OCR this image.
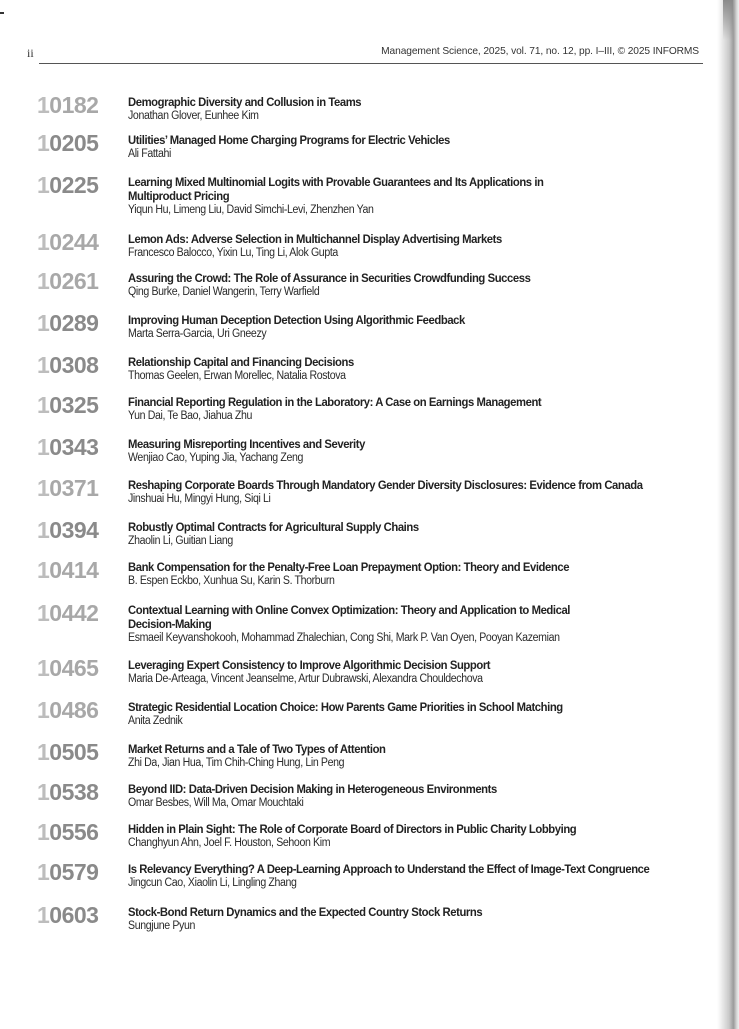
ii	Management Science, 2025, vol. 71, no. 12, pp. I–III, © 2025 INFORMS
10182	Demographic Diversity and Collusion in Teams
Jonathan Glover, Eunhee Kim
10205	Utilities’ Managed Home Charging Programs for Electric Vehicles
Ali Fattahi
10225	Learning Mixed Multinomial Logits with Provable Guarantees and Its Applications in
Multiproduct Pricing
Yiqun Hu, Limeng Liu, David Simchi-Levi, Zhenzhen Yan
10244	Lemon Ads: Adverse Selection in Multichannel Display Advertising Markets
Francesco Balocco, Yixin Lu, Ting Li, Alok Gupta
10261	Assuring the Crowd: The Role of Assurance in Securities Crowdfunding Success
Qing Burke, Daniel Wangerin, Terry Warfield
10289	Improving Human Deception Detection Using Algorithmic Feedback
Marta Serra-Garcia, Uri Gneezy
10308	Relationship Capital and Financing Decisions
Thomas Geelen, Erwan Morellec, Natalia Rostova
10325	Financial Reporting Regulation in the Laboratory: A Case on Earnings Management
Yun Dai, Te Bao, Jiahua Zhu
10343	Measuring Misreporting Incentives and Severity
Wenjiao Cao, Yuping Jia, Yachang Zeng
10371	Reshaping Corporate Boards Through Mandatory Gender Diversity Disclosures: Evidence from Canada
Jinshuai Hu, Mingyi Hung, Siqi Li
10394	Robustly Optimal Contracts for Agricultural Supply Chains
Zhaolin Li, Guitian Liang
10414	Bank Compensation for the Penalty-Free Loan Prepayment Option: Theory and Evidence
B. Espen Eckbo, Xunhua Su, Karin S. Thorburn
10442	Contextual Learning with Online Convex Optimization: Theory and Application to Medical
Decision-Making
Esmaeil Keyvanshokooh, Mohammad Zhalechian, Cong Shi, Mark P. Van Oyen, Pooyan Kazemian
10465	Leveraging Expert Consistency to Improve Algorithmic Decision Support
Maria De-Arteaga, Vincent Jeanselme, Artur Dubrawski, Alexandra Chouldechova
10486	Strategic Residential Location Choice: How Parents Game Priorities in School Matching
Anita Zednik
10505	Market Returns and a Tale of Two Types of Attention
Zhi Da, Jian Hua, Tim Chih-Ching Hung, Lin Peng
10538	Beyond IID: Data-Driven Decision Making in Heterogeneous Environments
Omar Besbes, Will Ma, Omar Mouchtaki
10556	Hidden in Plain Sight: The Role of Corporate Board of Directors in Public Charity Lobbying
Changhyun Ahn, Joel F. Houston, Sehoon Kim
10579	Is Relevancy Everything? A Deep-Learning Approach to Understand the Effect of Image-Text Congruence
Jingcun Cao, Xiaolin Li, Lingling Zhang
10603	Stock-Bond Return Dynamics and the Expected Country Stock Returns
Sungjune Pyun
